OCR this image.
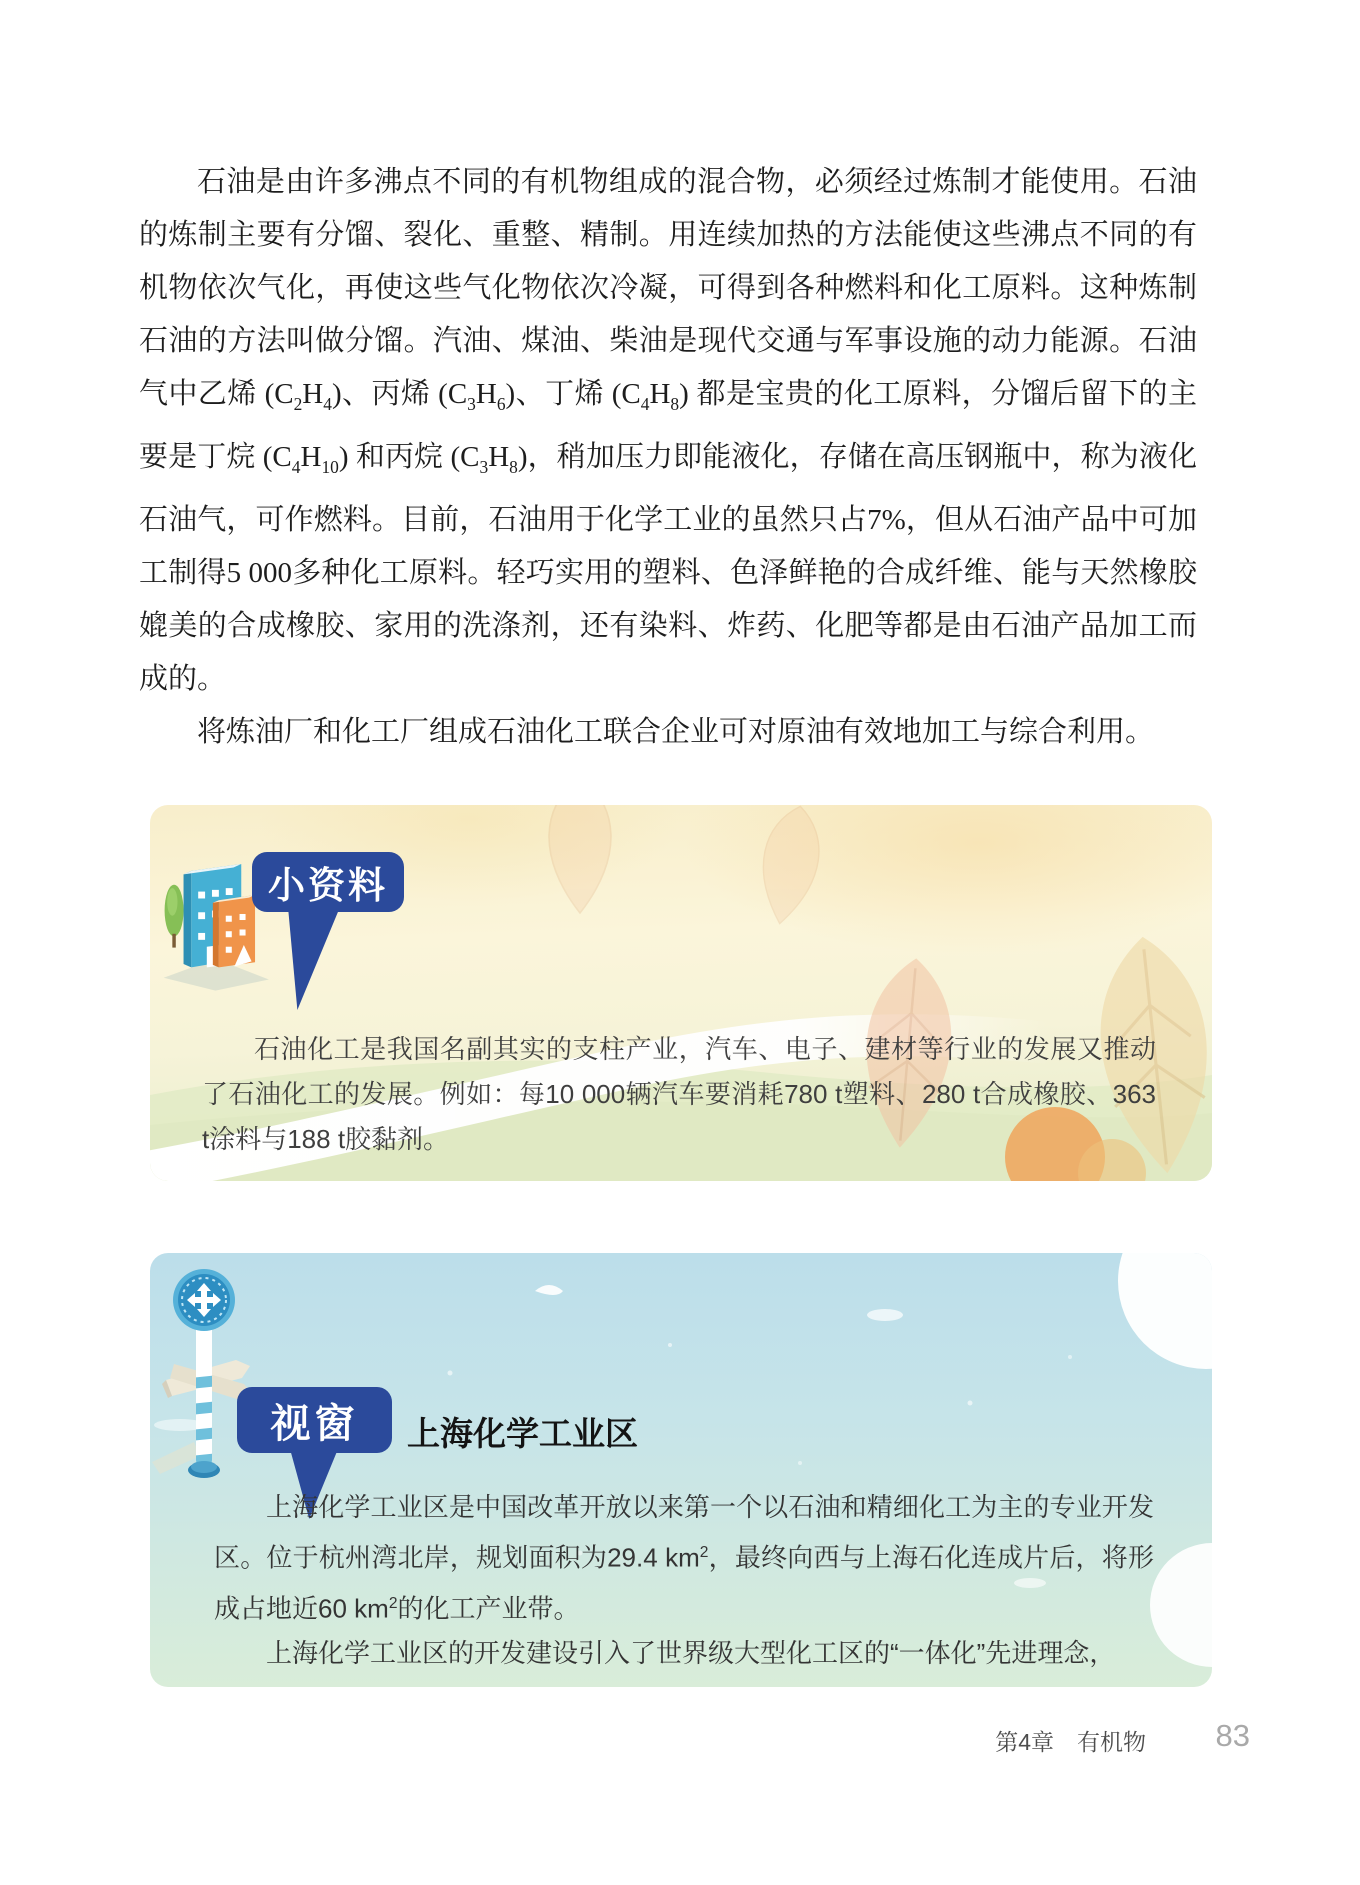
石油是由许多沸点不同的有机物组成的混合物，必须经过炼制才能使用。石油的炼制主要有分馏、裂化、重整、精制。用连续加热的方法能使这些沸点不同的有机物依次气化，再使这些气化物依次冷凝，可得到各种燃料和化工原料。这种炼制石油的方法叫做分馏。汽油、煤油、柴油是现代交通与军事设施的动力能源。石油气中乙烯 $(C_2H_4)$、丙烯 $(C_3H_6)$、丁烯 $(C_4H_8)$ 都是宝贵的化工原料，分馏后留下的主要是丁烷 $(C_4H_{10})$ 和丙烷 $(C_3H_8)$，稍加压力即能液化，存储在高压钢瓶中，称为液化石油气，可作燃料。目前，石油用于化学工业的虽然只占7%，但从石油产品中可加工制得5 000多种化工原料。轻巧实用的塑料、色泽鲜艳的合成纤维、能与天然橡胶媲美的合成橡胶、家用的洗涤剂，还有染料、炸药、化肥等都是由石油产品加工而成的。

将炼油厂和化工厂组成石油化工联合企业可对原油有效地加工与综合利用。

小资料

石油化工是我国名副其实的支柱产业，汽车、电子、建材等行业的发展又推动了石油化工的发展。例如：每10 000辆汽车要消耗780 t塑料、280 t合成橡胶、363 t涂料与188 t胶黏剂。

视窗 上海化学工业区

上海化学工业区是中国改革开放以来第一个以石油和精细化工为主的专业开发区。位于杭州湾北岸，规划面积为29.4 $km^2$，最终向西与上海石化连成片后，将形成占地近60 $km^2$的化工产业带。

上海化学工业区的开发建设引入了世界级大型化工区的“一体化”先进理念，

第4章　有机物 83
